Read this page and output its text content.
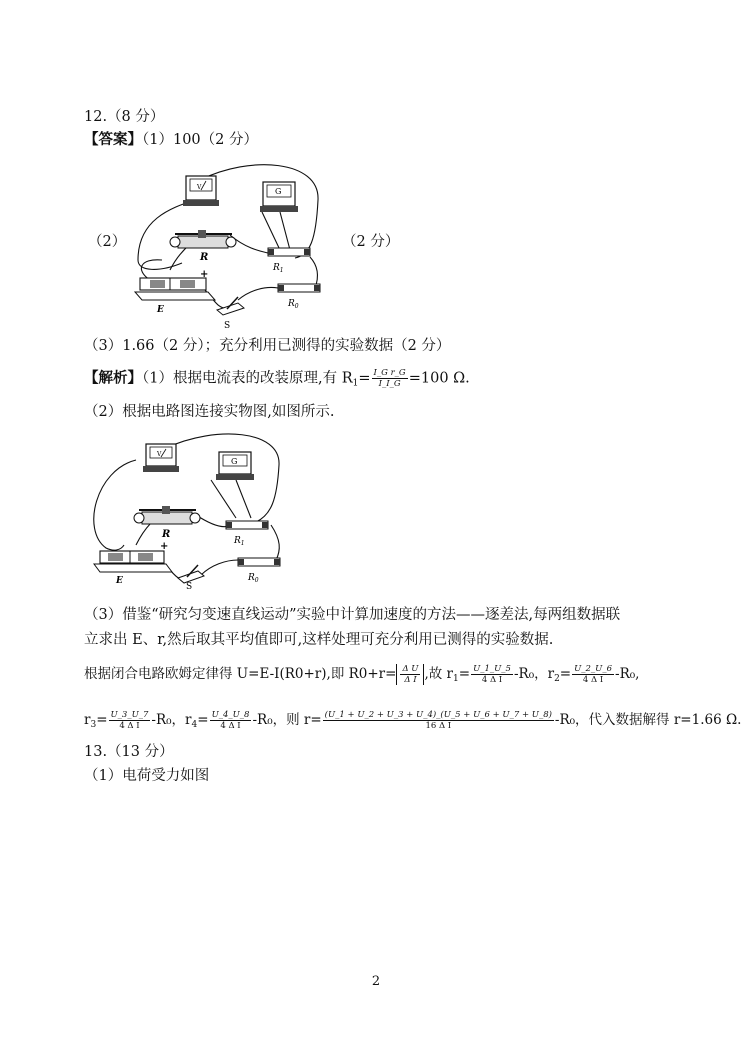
12.（8 分）
【答案】（1）100（2 分）
（2）	（2 分）
V	G
R
$R_1$
+
E
S
$R_0$
（3）1.66（2 分）；充分利用已测得的实验数据（2 分）
【解析】（1）根据电流表的改装原理,有 $R_1= \frac{\text{I\_G r\_G}}{I\_I\_G} =100$ Ω.
（2）根据电路图连接实物图,如图所示.
V
G
R
$R_1$
+
E
S
$R_0$
（3）借鉴“研究匀变速直线运动”实验中计算加速度的方法——逐差法,每两组数据联
立求出 E、r,然后取其平均值即可,这样处理可充分利用已测得的实验数据.
根据闭合电路欧姆定律得 U=E-I(R0+r),即 $R0+r= \frac{\text{Δ U}}{\text{Δ I}}$ ,故 $r_1= \frac{U\_1\_U\_5}{\text{4 Δ I}} -R_0$，$r_2= \frac{U\_2\_U\_6}{\text{4 Δ I}} -R_0$,
$r_3= \frac{U\_3\_U\_7}{\text{4 Δ I}} -R_0$，$r_4= \frac{U\_4\_U\_8}{\text{4 Δ I}} -R_0$，则 $r= \frac{(U\_1 + U\_2 + U\_3 + U\_4)\_(U\_5 + U\_6 + U\_7 + U\_8)}{\text{16 Δ I}} -R_0$，代入数据解得 r=1.66 Ω.
13.（13 分）
（1）电荷受力如图
2
